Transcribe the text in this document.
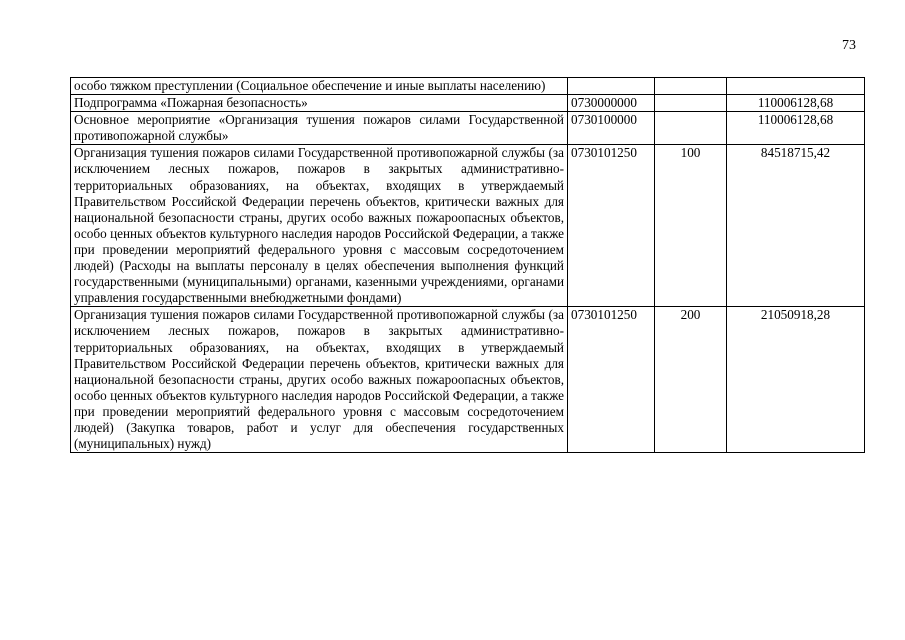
73
особо тяжком преступлении (Социальное обеспечение и иные выплаты населению)			
Подпрограмма «Пожарная безопасность»	0730000000		110006128,68
Основное мероприятие «Организация тушения пожаров силами Государственной противопожарной службы»	0730100000		110006128,68
Организация тушения пожаров силами Государственной противопожарной службы (за исключением лесных пожаров, пожаров в закрытых административно-территориальных образованиях, на объектах, входящих в утверждаемый Правительством Российской Федерации перечень объектов, критически важных для национальной безопасности страны, других особо важных пожароопасных объектов, особо ценных объектов культурного наследия народов Российской Федерации, а также при проведении мероприятий федерального уровня с массовым сосредоточением людей) (Расходы на выплаты персоналу в целях обеспечения выполнения функций государственными (муниципальными) органами, казенными учреждениями, органами управления государственными внебюджетными фондами)	0730101250	100	84518715,42
Организация тушения пожаров силами Государственной противопожарной службы (за исключением лесных пожаров, пожаров в закрытых административно-территориальных образованиях, на объектах, входящих в утверждаемый Правительством Российской Федерации перечень объектов, критически важных для национальной безопасности страны, других особо важных пожароопасных объектов, особо ценных объектов культурного наследия народов Российской Федерации, а также при проведении мероприятий федерального уровня с массовым сосредоточением людей) (Закупка товаров, работ и услуг для обеспечения государственных (муниципальных) нужд)	0730101250	200	21050918,28
